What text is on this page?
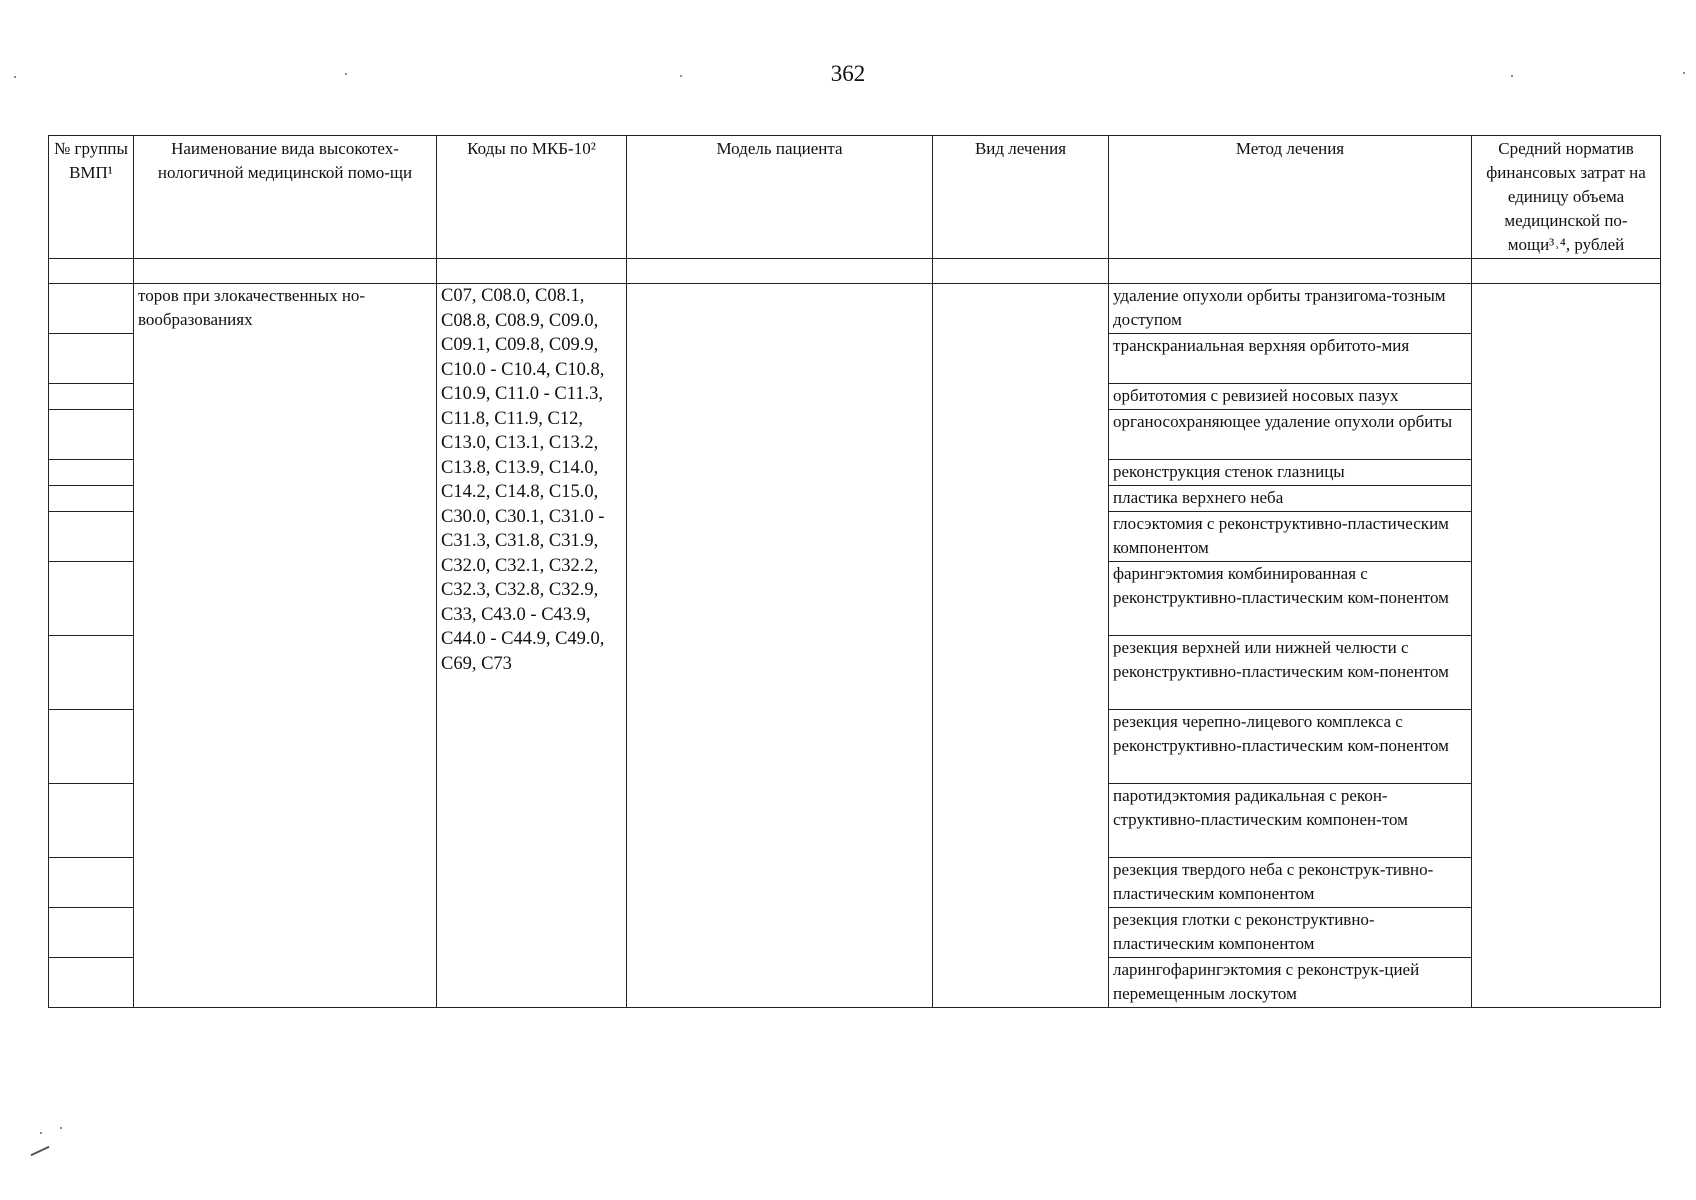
362
№ группы ВМП¹	Наименование вида высокотех-нологичной медицинской помо-щи	Коды по МКБ-10²	Модель пациента	Вид лечения	Метод лечения	Средний норматив финансовых затрат на единицу объема медицинской по-мощи³˒⁴, рублей

	торов при злокачественных но-вообразованиях	C07, C08.0, C08.1, C08.8, C08.9, C09.0, C09.1, C09.8, C09.9, C10.0 - C10.4, C10.8, C10.9, C11.0 - C11.3, C11.8, C11.9, C12, C13.0, C13.1, C13.2, C13.8, C13.9, C14.0, C14.2, C14.8, C15.0, C30.0, C30.1, C31.0 - C31.3, C31.8, C31.9, C32.0, C32.1, C32.2, C32.3, C32.8, C32.9, C33, C43.0 - C43.9, C44.0 - C44.9, C49.0, C69, C73			удаление опухоли орбиты транзигома-тозным доступом	
					транскраниальная верхняя орбитото-мия	
					орбитотомия с ревизией носовых пазух	
					органосохраняющее удаление опухоли орбиты	
					реконструкция стенок глазницы	
					пластика верхнего неба	
					глосэктомия с реконструктивно-пластическим компонентом	
					фарингэктомия комбинированная с реконструктивно-пластическим ком-понентом	
					резекция верхней или нижней челюсти с реконструктивно-пластическим ком-понентом	
					резекция черепно-лицевого комплекса с реконструктивно-пластическим ком-понентом	
					паротидэктомия радикальная с рекон-структивно-пластическим компонен-том	
					резекция твердого неба с реконструк-тивно-пластическим компонентом	
					резекция глотки с реконструктивно-пластическим компонентом	
					ларингофарингэктомия с реконструк-цией перемещенным лоскутом	
